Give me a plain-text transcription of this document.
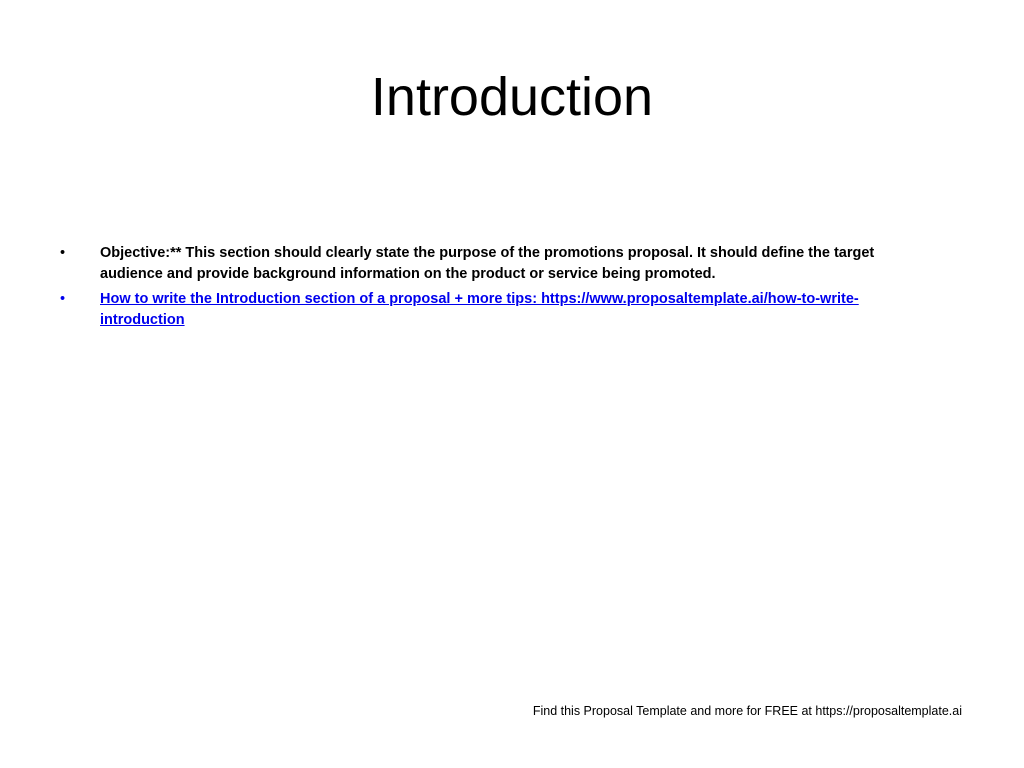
Introduction
•	Objective:** This section should clearly state the purpose of the promotions proposal. It should define the target audience and provide background information on the product or service being promoted.
•	How to write the Introduction section of a proposal + more tips: https://www.proposaltemplate.ai/how-to-write-introduction
Find this Proposal Template and more for FREE at https://proposaltemplate.ai
